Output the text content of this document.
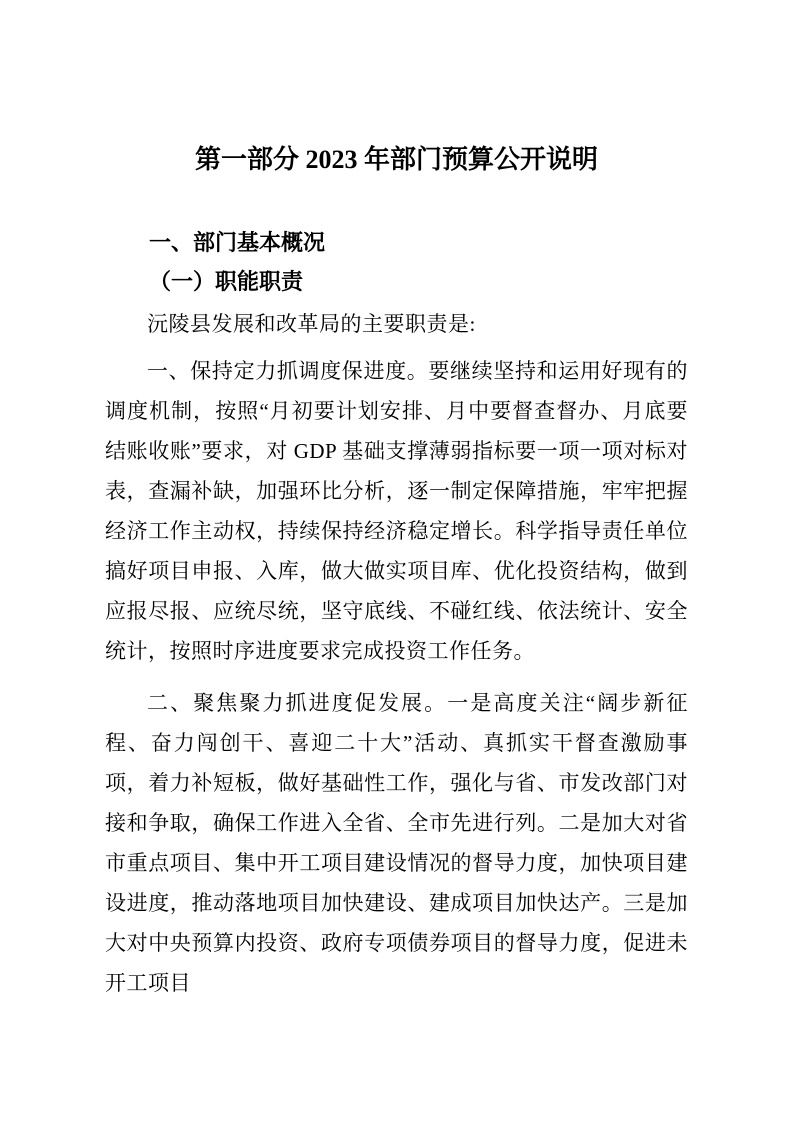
第一部分 2023 年部门预算公开说明
一、部门基本概况
（一）职能职责

沅陵县发展和改革局的主要职责是:

一、保持定力抓调度保进度。要继续坚持和运用好现有的调度机制，按照“月初要计划安排、月中要督查督办、月底要结账收账”要求，对 GDP 基础支撑薄弱指标要一项一项对标对表，查漏补缺，加强环比分析，逐一制定保障措施，牢牢把握经济工作主动权，持续保持经济稳定增长。科学指导责任单位搞好项目申报、入库，做大做实项目库、优化投资结构，做到应报尽报、应统尽统，坚守底线、不碰红线、依法统计、安全统计，按照时序进度要求完成投资工作任务。

二、聚焦聚力抓进度促发展。一是高度关注“阔步新征程、奋力闯创干、喜迎二十大”活动、真抓实干督查激励事项，着力补短板，做好基础性工作，强化与省、市发改部门对接和争取，确保工作进入全省、全市先进行列。二是加大对省市重点项目、集中开工项目建设情况的督导力度，加快项目建设进度，推动落地项目加快建设、建成项目加快达产。三是加大对中央预算内投资、政府专项债券项目的督导力度，促进未开工项目
